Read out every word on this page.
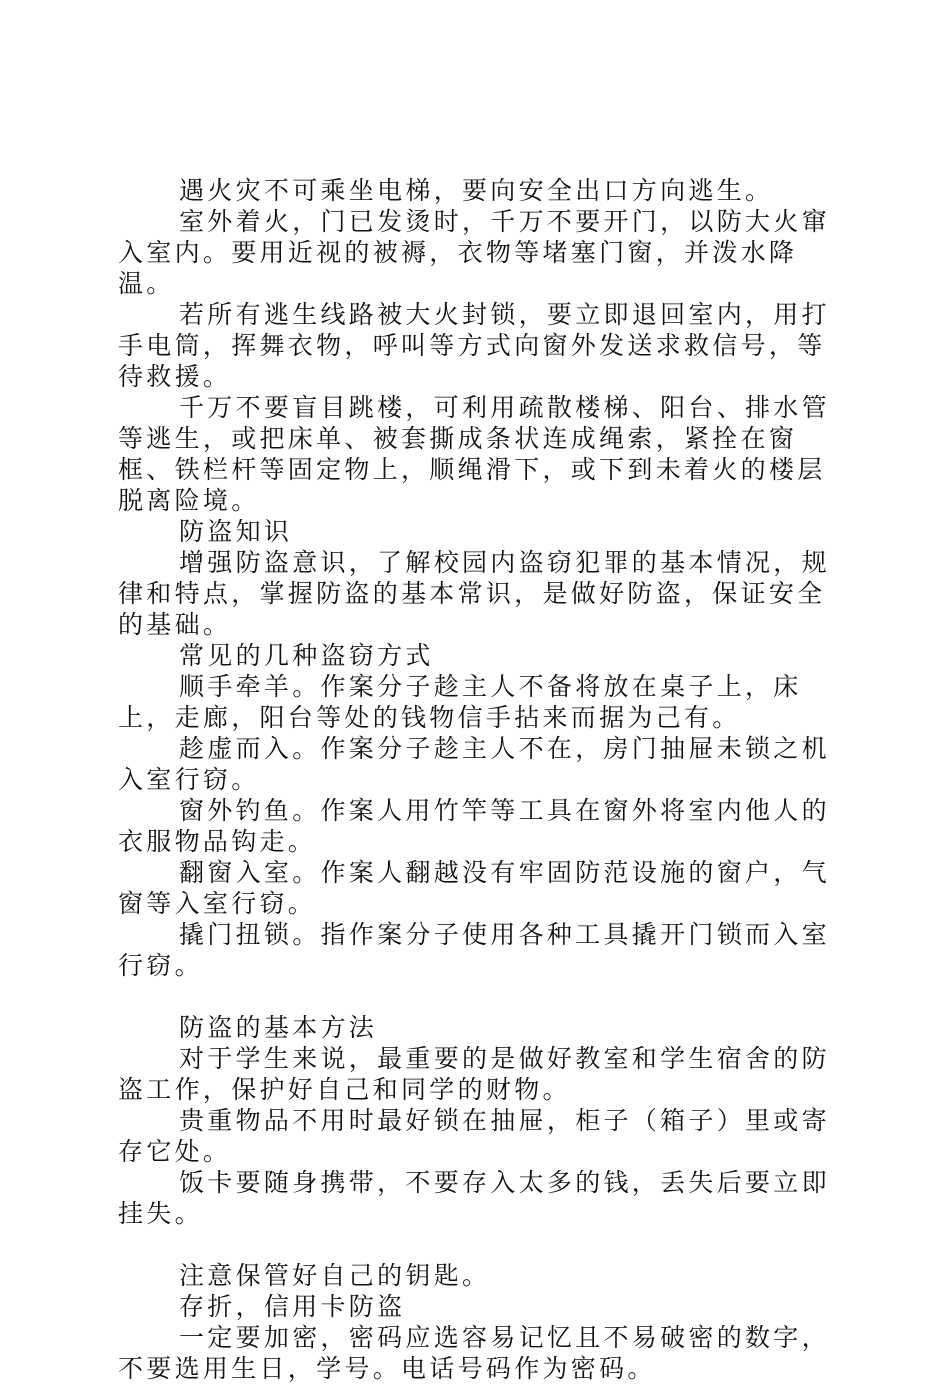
遇火灾不可乘坐电梯，要向安全出口方向逃生。

室外着火，门已发烫时，千万不要开门，以防大火窜入室内。要用近视的被褥，衣物等堵塞门窗，并泼水降温。

若所有逃生线路被大火封锁，要立即退回室内，用打手电筒，挥舞衣物，呼叫等方式向窗外发送求救信号，等待救援。

千万不要盲目跳楼，可利用疏散楼梯、阳台、排水管等逃生，或把床单、被套撕成条状连成绳索，紧拴在窗框、铁栏杆等固定物上，顺绳滑下，或下到未着火的楼层脱离险境。

防盗知识

增强防盗意识，了解校园内盗窃犯罪的基本情况，规律和特点，掌握防盗的基本常识，是做好防盗，保证安全的基础。

常见的几种盗窃方式

顺手牵羊。作案分子趁主人不备将放在桌子上，床上，走廊，阳台等处的钱物信手拈来而据为己有。

趁虚而入。作案分子趁主人不在，房门抽屉未锁之机入室行窃。

窗外钓鱼。作案人用竹竿等工具在窗外将室内他人的衣服物品钩走。

翻窗入室。作案人翻越没有牢固防范设施的窗户，气窗等入室行窃。

撬门扭锁。指作案分子使用各种工具撬开门锁而入室行窃。

防盗的基本方法

对于学生来说，最重要的是做好教室和学生宿舍的防盗工作，保护好自己和同学的财物。

贵重物品不用时最好锁在抽屉，柜子（箱子）里或寄存它处。

饭卡要随身携带，不要存入太多的钱，丢失后要立即挂失。

注意保管好自己的钥匙。

存折，信用卡防盗

一定要加密，密码应选容易记忆且不易破密的数字，不要选用生日，学号。电话号码作为密码。
